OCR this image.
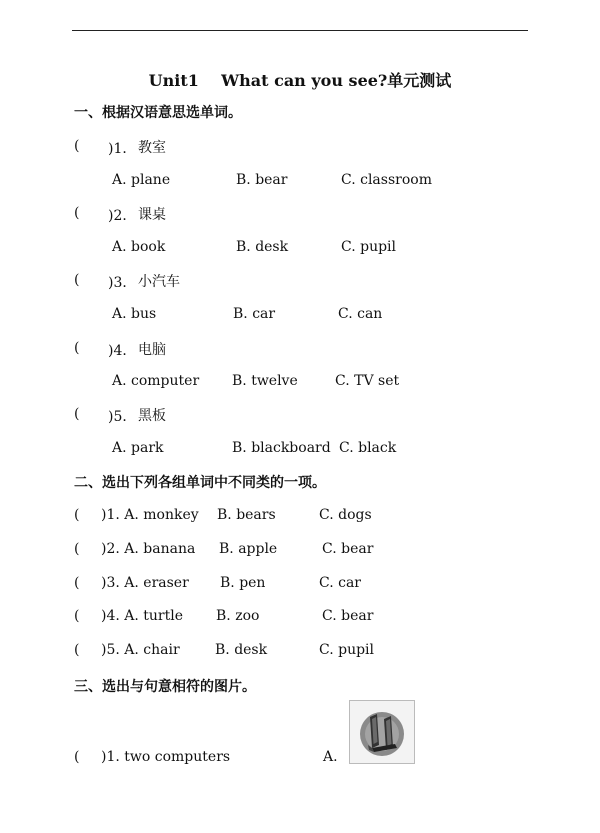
Unit1    What can you see?单元测试
一、根据汉语意思选单词。
( )1． 教室
A. plane	B. bear	C. classroom
( )2． 课桌
A. book	B. desk	C. pupil
( )3． 小汽车
A. bus	B. car	C. can
( )4． 电脑
A. computer B. twelve	C. TV set
( )5． 黑板
A. park	B. blackboard C. black
二、选出下列各组单词中不同类的一项。
( )1. A. monkey B. bears	C. dogs
( )2. A. banana B. apple	C. bear
( )3. A. eraser B. pen	C. car
( )4. A. turtle B. zoo	C. bear
( )5. A. chair	B. desk	C. pupil
三、选出与句意相符的图片。
( )1. two computers	A.
